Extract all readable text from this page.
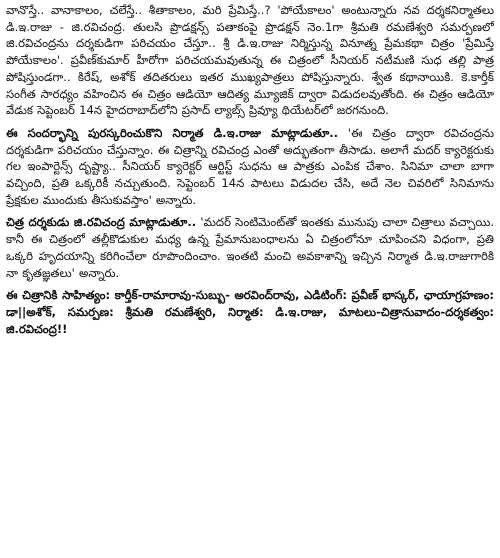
వానొస్తే.. వానాకాలం, చలేస్తే.. శీతాకాలం, మరి ప్రేమిస్తే..? 'పోయేకాలం' అంటున్నారు నవ దర్శకనిర్మాతలు డి.ఇ.రాజు - జి.రవిచంద్ర. తులసి ప్రొడక్షన్స్ పతాకంపై ప్రొడక్షన్ నెం.1గా శ్రీమతి రమణేశ్వరి సమర్పణలో జి.రవిచంద్రను దర్శకుడిగా పరిచయం చేస్తూ.. శ్రీ డి.ఇ.రాజు నిర్మిస్తున్న వినూత్న ప్రేమకథా చిత్రం 'ప్రేమిస్తే పోయేకాలం'. ప్రవీణ్‌కుమార్ హీరోగా పరిచయమవుతున్న ఈ చిత్రంలో సీనియర్ నటీమణి సుధ తల్లి పాత్ర పోషిస్తుండగా.. కిరేష్, అశోక్ తదితరులు ఇతర ముఖ్యపాత్రలు పోషిస్తున్నారు. శ్వేత కథానాయికి. కె.కార్తీక్ సంగీత సారధ్యం వహించిన ఈ చిత్రం ఆడియో ఆదిత్య మ్యూజిక్ ద్వారా విడుదలవుతోంది. ఈ చిత్రం ఆడియో వేడుక సెప్టెంబర్ 14న హైదరాబాద్‌లోని ప్రసాద్ ల్యాబ్స్ ప్రివ్యూ థియేటర్‌లో జరగనుంది.

ఈ సందర్భాన్ని పురస్కరించుకొని నిర్మాత డి.ఇ.రాజు మాట్లాడుతూ.. 'ఈ చిత్రం ద్వారా రవిచంద్రను దర్శకుడిగా పరిచయం చేస్తున్నాం. ఈ చిత్రాన్ని రవిచంద్ర ఎంతో అద్భుతంగా తీసాడు. అలాగే మదర్ క్యారెక్టరుకు గల ఇంపార్టెన్స్ దృష్ట్యా.. సీనియర్ క్యారెక్టర్ ఆర్టిస్ట్ సుధను ఆ పాత్రకు ఎంపిక చేశాం. సినిమా చాలా బాగా వచ్చింది, ప్రతి ఒక్కరికీ నచ్చుతుంది. సెప్టెంబర్ 14న పాటలు విడుదల చేసి, అదే నెల చివరిలో సినిమాను ప్రేక్షకుల ముందుకు తీసుకువస్తాం' అన్నారు.

చిత్ర దర్శకుడు జి.రవిచంద్ర మాట్లాడుతూ.. 'మదర్ సెంటిమెంట్‌తో ఇంతకు మునుపు చాలా చిత్రాలు వచ్చాయి. కానీ ఈ చిత్రంలో తల్లీకొడుకుల మధ్య ఉన్న ప్రేమానుబంధాలను ఏ చిత్రంలోనూ చూపించని విధంగా, ప్రతి ఒక్కరి హృదయాన్ని కరిగించేలా రూపొందించాం. ఇంతటి మంచి అవకాశాన్ని ఇచ్చిన నిర్మాత డి.ఇ.రాజుగారికి నా కృతజ్ఞతలు' అన్నారు.

ఈ చిత్రానికి సాహిత్యం: కార్తీక్-రామారావు-సుబ్బు- అరవింద్‌రావు, ఎడిటింగ్: ప్రవీణ్ భాస్కర్, ఛాయాగ్రహణం: డా||అశోక్, సమర్పణ: శ్రీమతి రమణేశ్వరి, నిర్మాత: డి.ఇ.రాజు, మాటలు-చిత్రానువాదం-దర్శకత్వం: జి.రవిచంద్ర!!
